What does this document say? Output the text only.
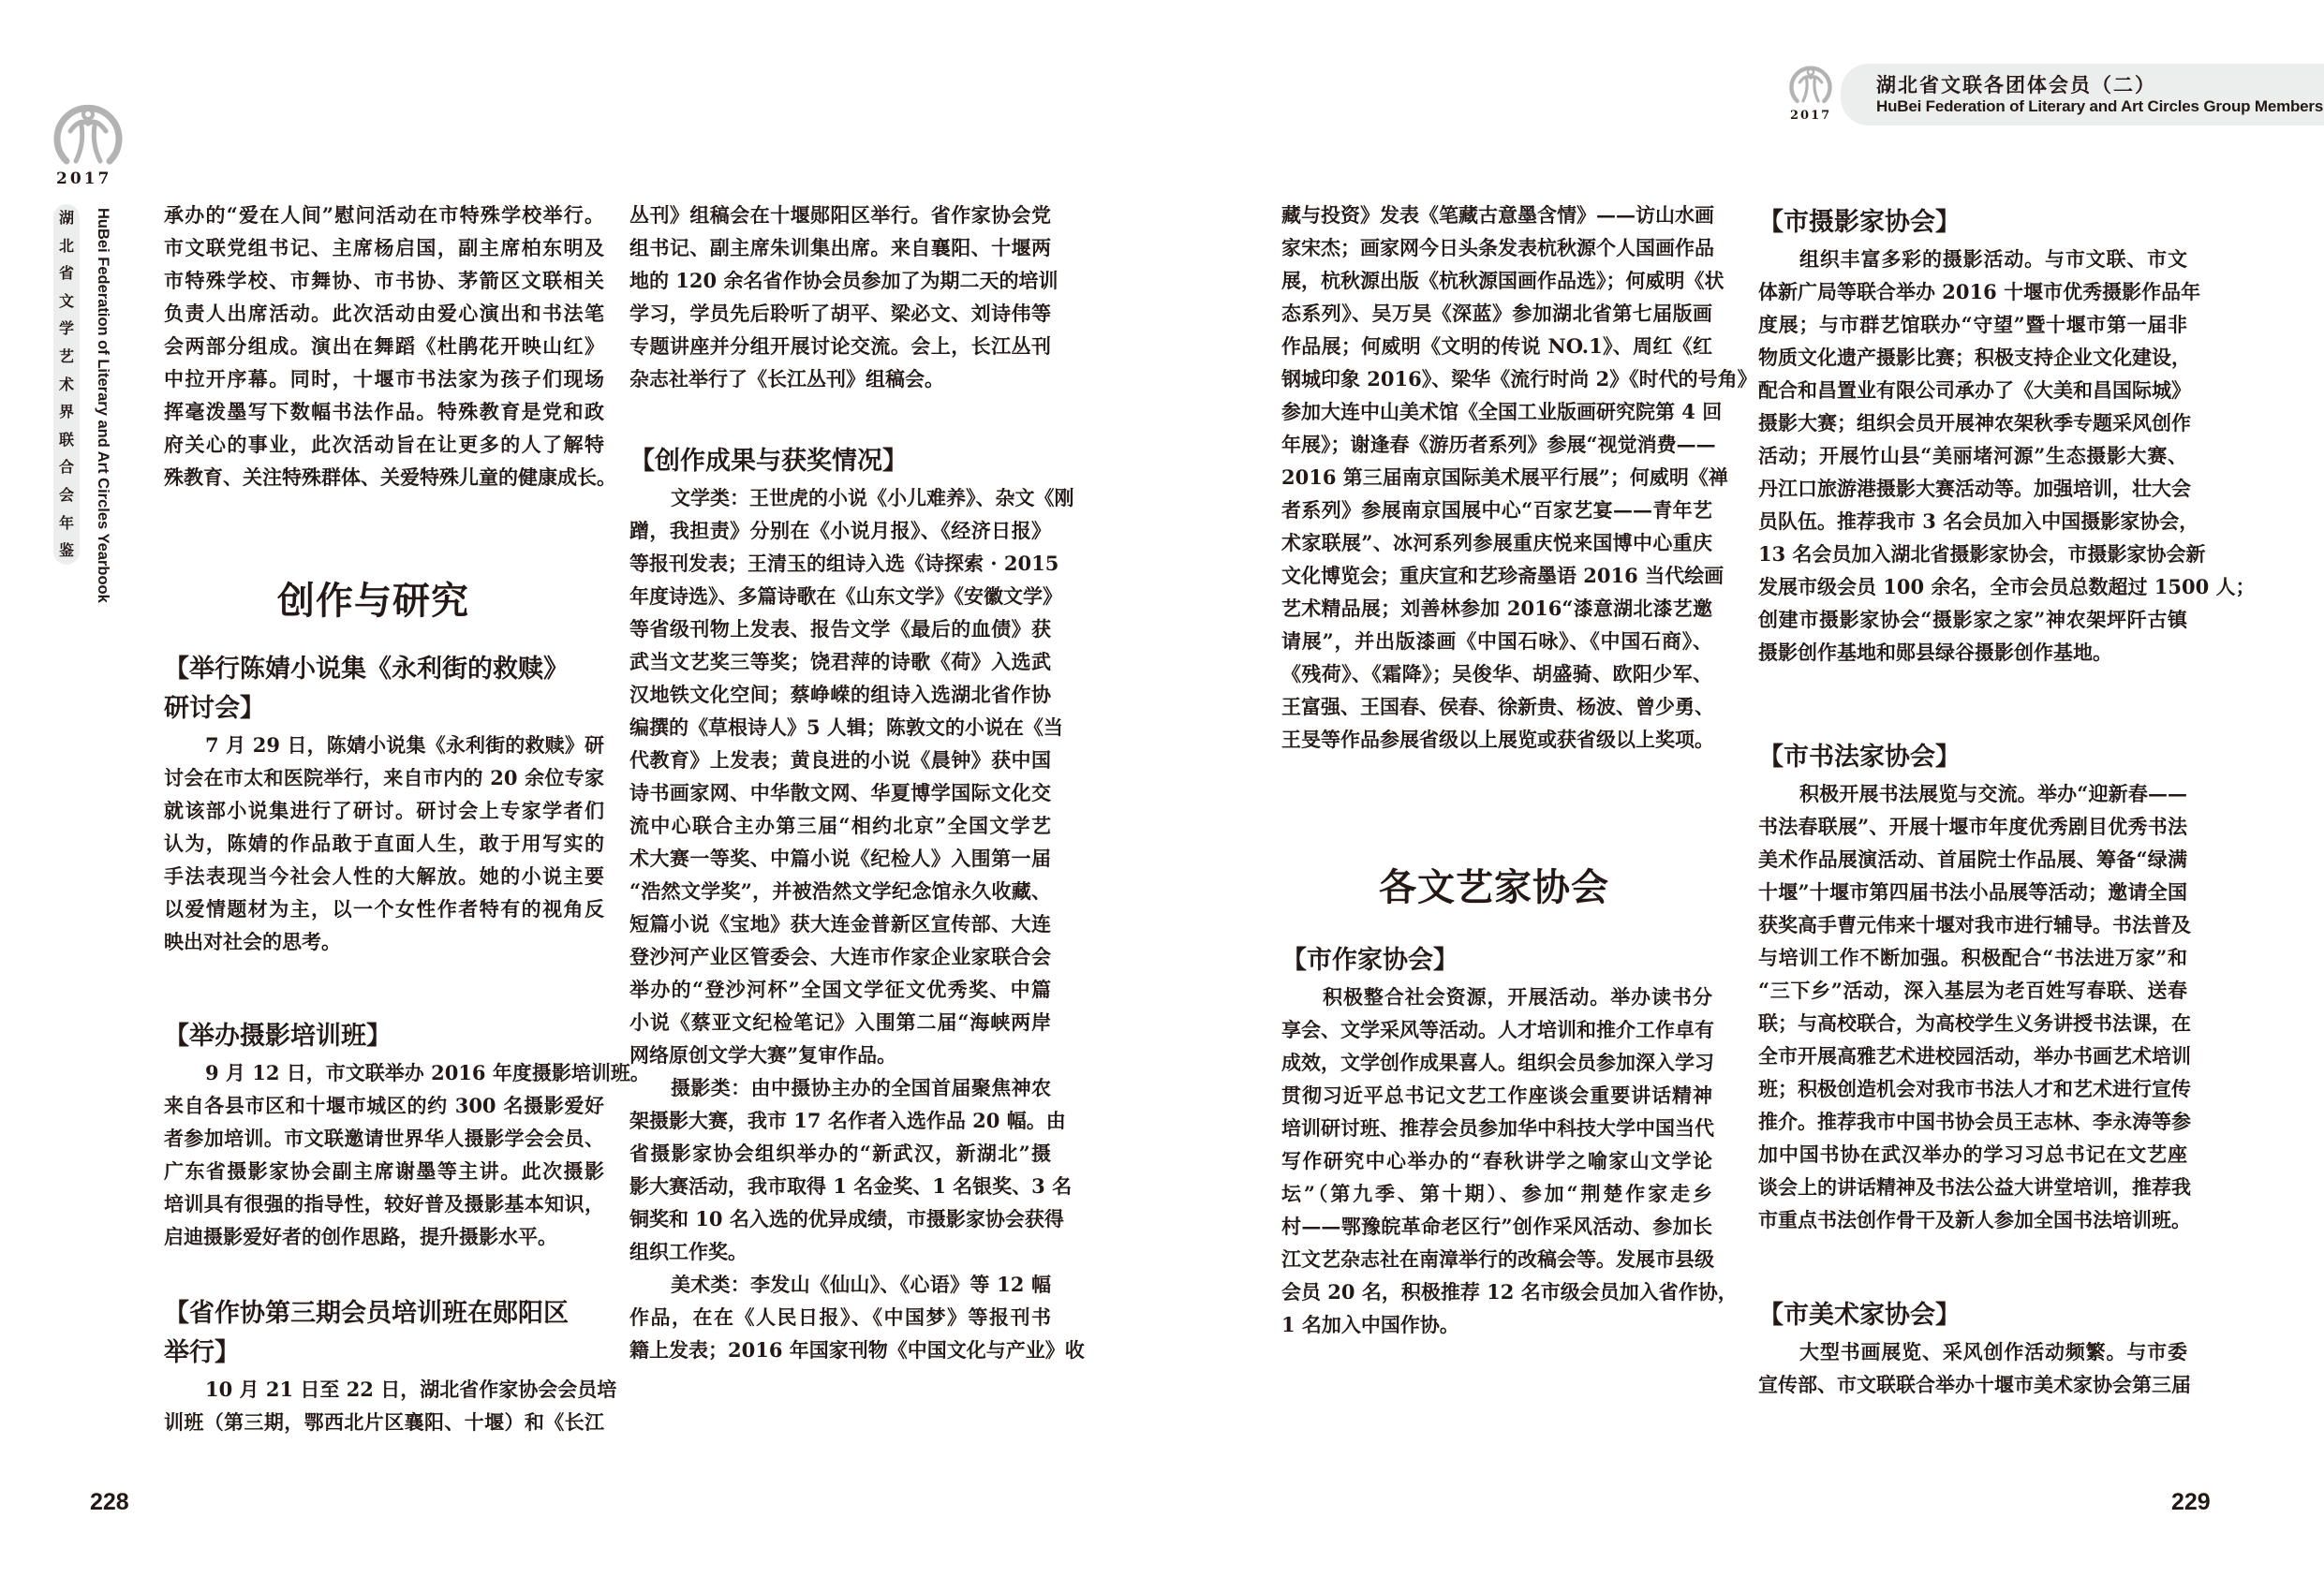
2017
湖
北
省
文
学
艺
术
界
联
合
会
年
鉴 HuBei Federation of Literary and Art Circles Yearbook	承办的“爱在人间”慰问活动在市特殊学校举行。
市文联党组书记、主席杨启国，副主席柏东明及
市特殊学校、市舞协、市书协、茅箭区文联相关
负责人出席活动。此次活动由爱心演出和书法笔
会两部分组成。演出在舞蹈《杜鹃花开映山红》
中拉开序幕。同时，十堰市书法家为孩子们现场
挥毫泼墨写下数幅书法作品。特殊教育是党和政
府关心的事业，此次活动旨在让更多的人了解特
殊教育、关注特殊群体、关爱特殊儿童的健康成长。
创作与研究
【举行陈婧小说集《永利街的救赎》
研讨会】
7 月 29 日，陈婧小说集《永利街的救赎》研
讨会在市太和医院举行，来自市内的 20 余位专家
就该部小说集进行了研讨。研讨会上专家学者们
认为，陈婧的作品敢于直面人生，敢于用写实的
手法表现当今社会人性的大解放。她的小说主要
以爱情题材为主，以一个女性作者特有的视角反
映出对社会的思考。
【举办摄影培训班】
9 月 12 日，市文联举办 2016 年度摄影培训班。
来自各县市区和十堰市城区的约 300 名摄影爱好
者参加培训。市文联邀请世界华人摄影学会会员、
广东省摄影家协会副主席谢墨等主讲。此次摄影
培训具有很强的指导性，较好普及摄影基本知识，
启迪摄影爱好者的创作思路，提升摄影水平。
【省作协第三期会员培训班在郧阳区
举行】
10 月 21 日至 22 日，湖北省作家协会会员培
训班（第三期，鄂西北片区襄阳、十堰）和《长江
丛刊》组稿会在十堰郧阳区举行。省作家协会党
组书记、副主席朱训集出席。来自襄阳、十堰两
地的 120 余名省作协会员参加了为期二天的培训
学习，学员先后聆听了胡平、梁必文、刘诗伟等
专题讲座并分组开展讨论交流。会上，长江丛刊
杂志社举行了《长江丛刊》组稿会。
【创作成果与获奖情况】
文学类：王世虎的小说《小儿难养》、杂文《刚
蹭，我担责》分别在《小说月报》、《经济日报》
等报刊发表；王清玉的组诗入选《诗探索 · 2015
年度诗选》、多篇诗歌在《山东文学》《安徽文学》
等省级刊物上发表、报告文学《最后的血债》获
武当文艺奖三等奖；饶君萍的诗歌《荷》入选武
汉地铁文化空间；蔡峥嵘的组诗入选湖北省作协
编撰的《草根诗人》5 人辑；陈敦文的小说在《当
代教育》上发表；黄良进的小说《晨钟》获中国
诗书画家网、中华散文网、华夏博学国际文化交
流中心联合主办第三届“相约北京”全国文学艺
术大赛一等奖、中篇小说《纪检人》入围第一届
“浩然文学奖”，并被浩然文学纪念馆永久收藏、
短篇小说《宝地》获大连金普新区宣传部、大连
登沙河产业区管委会、大连市作家企业家联合会
举办的“登沙河杯”全国文学征文优秀奖、中篇
小说《蔡亚文纪检笔记》入围第二届“海峡两岸
网络原创文学大赛”复审作品。
摄影类：由中摄协主办的全国首届聚焦神农
架摄影大赛，我市 17 名作者入选作品 20 幅。由
省摄影家协会组织举办的“新武汉，新湖北”摄
影大赛活动，我市取得 1 名金奖、1 名银奖、3 名
铜奖和 10 名入选的优异成绩，市摄影家协会获得
组织工作奖。
美术类：李发山《仙山》、《心语》等 12 幅
作品，在在《人民日报》、《中国梦》等报刊书
籍上发表；2016 年国家刊物《中国文化与产业》收
228
2017
湖北省文联各团体会员（二）
HuBei Federation of Literary and Art Circles Group Members
藏与投资》发表《笔藏古意墨含情》——访山水画
家宋杰；画家网今日头条发表杭秋源个人国画作品
展，杭秋源出版《杭秋源国画作品选》；何威明《状
态系列》、吴万昊《深蓝》参加湖北省第七届版画
作品展；何威明《文明的传说 NO.1》、周红《红
钢城印象 2016》、梁华《流行时尚 2》《时代的号角》
参加大连中山美术馆《全国工业版画研究院第 4 回
年展》；谢逢春《游历者系列》参展“视觉消费——
2016 第三届南京国际美术展平行展”；何威明《禅
者系列》参展南京国展中心“百家艺宴——青年艺
术家联展”、冰河系列参展重庆悦来国博中心重庆
文化博览会；重庆宣和艺珍斋墨语 2016 当代绘画
艺术精品展；刘善林参加 2016“漆意湖北漆艺邀
请展”，并出版漆画《中国石咏》、《中国石商》、
《残荷》、《霜降》；吴俊华、胡盛骑、欧阳少军、
王富强、王国春、侯春、徐新贵、杨波、曾少勇、
王旻等作品参展省级以上展览或获省级以上奖项。
各文艺家协会
【市作家协会】
积极整合社会资源，开展活动。举办读书分
享会、文学采风等活动。人才培训和推介工作卓有
成效，文学创作成果喜人。组织会员参加深入学习
贯彻习近平总书记文艺工作座谈会重要讲话精神
培训研讨班、推荐会员参加华中科技大学中国当代
写作研究中心举办的“春秋讲学之喻家山文学论
坛”（第九季、第十期）、参加“荆楚作家走乡
村——鄂豫皖革命老区行”创作采风活动、参加长
江文艺杂志社在南漳举行的改稿会等。发展市县级
会员 20 名，积极推荐 12 名市级会员加入省作协，
1 名加入中国作协。
【市摄影家协会】
组织丰富多彩的摄影活动。与市文联、市文
体新广局等联合举办 2016 十堰市优秀摄影作品年
度展；与市群艺馆联办“守望”暨十堰市第一届非
物质文化遗产摄影比赛；积极支持企业文化建设，
配合和昌置业有限公司承办了《大美和昌国际城》
摄影大赛；组织会员开展神农架秋季专题采风创作
活动；开展竹山县“美丽堵河源”生态摄影大赛、
丹江口旅游港摄影大赛活动等。加强培训，壮大会
员队伍。推荐我市 3 名会员加入中国摄影家协会，
13 名会员加入湖北省摄影家协会，市摄影家协会新
发展市级会员 100 余名，全市会员总数超过 1500 人；
创建市摄影家协会“摄影家之家”神农架坪阡古镇
摄影创作基地和郧县绿谷摄影创作基地。
【市书法家协会】
积极开展书法展览与交流。举办“迎新春——
书法春联展”、开展十堰市年度优秀剧目优秀书法
美术作品展演活动、首届院士作品展、筹备“绿满
十堰”十堰市第四届书法小品展等活动；邀请全国
获奖高手曹元伟来十堰对我市进行辅导。书法普及
与培训工作不断加强。积极配合“书法进万家”和
“三下乡”活动，深入基层为老百姓写春联、送春
联；与高校联合，为高校学生义务讲授书法课，在
全市开展高雅艺术进校园活动，举办书画艺术培训
班；积极创造机会对我市书法人才和艺术进行宣传
推介。推荐我市中国书协会员王志林、李永涛等参
加中国书协在武汉举办的学习习总书记在文艺座
谈会上的讲话精神及书法公益大讲堂培训，推荐我
市重点书法创作骨干及新人参加全国书法培训班。
【市美术家协会】
大型书画展览、采风创作活动频繁。与市委
宣传部、市文联联合举办十堰市美术家协会第三届
229
